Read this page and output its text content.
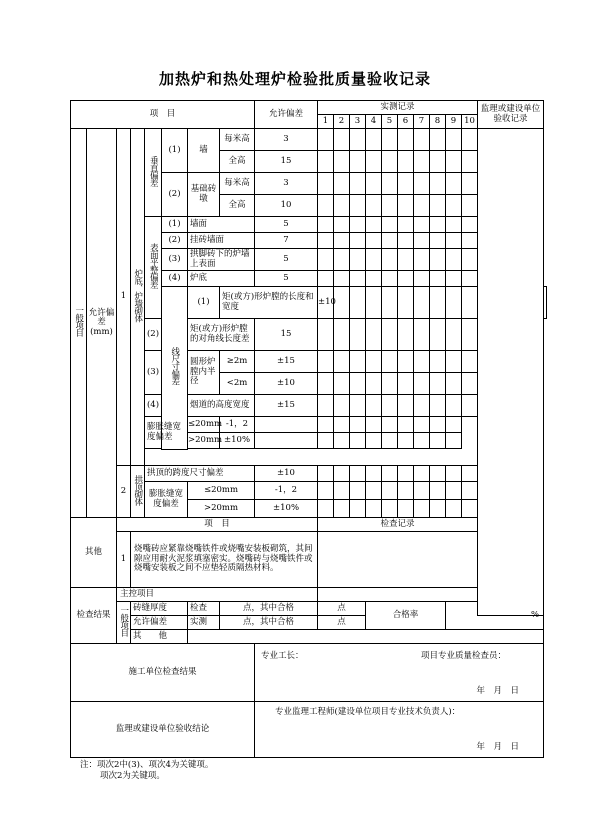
加热炉和热处理炉检验批质量验收记录
项　目								允许偏差	实测记录										监理或建设单位验收记录	
									1	2	3	4	5	6	7	8	9	10		
一般项目	允许偏差(mm)	1	炉底、炉墙砌体	垂直偏差	(1)	墙	每米高	3												
							全高	15												
					(2)	基础砖墩	每米高	3												
							全高	10												
				表面平整偏差	(1)	墙面		5												
					(2)	挂砖墙面		7												
					(3)	拱脚砖下的炉墙上表面		5												
					(4)	炉底		5												
					线尺寸偏差	(1)	矩(或方)形炉膛的长度和宽度		±10											
				(2)		矩(或方)形炉膛的对角线长度差		15												
				(3)		圆形炉膛内半径	≥2m	±15												
							<2m	±10												
				(4)		烟道的高度宽度		±15												
				膨胀缝宽度偏差		≤20mm	-1，2													
						>20mm	±10%													

		2	拱顶砌体	拱顶的跨度尺寸偏差				±10												
				膨胀缝宽度偏差		≤20mm		-1，2												
						>20mm		±10%												
其他		项　目							检查记录											
		1	烧嘴砖应紧靠烧嘴铁件或烧嘴安装板砌筑，其间隙应用耐火泥浆填塞密实。烧嘴砖与烧嘴铁件或烧嘴安装板之间不应垫轻质隔热材料。																	
检查结果		主控项目																		
		一般项目	砖缝厚度			检查	点，其中合格		点			合格率					%			
			允许偏差			实测	点，其中合格		点											
			其　　他																	
施工单位检查结果								专业工长： 项目专业质量检查员：
年　月　日												

监理或建设单位验收结论								专业监理工程师(建设单位项目专业技术负责人)：
年　月　日												
注：项次2中(3)、项次4为关键项。
项次2为关键项。
